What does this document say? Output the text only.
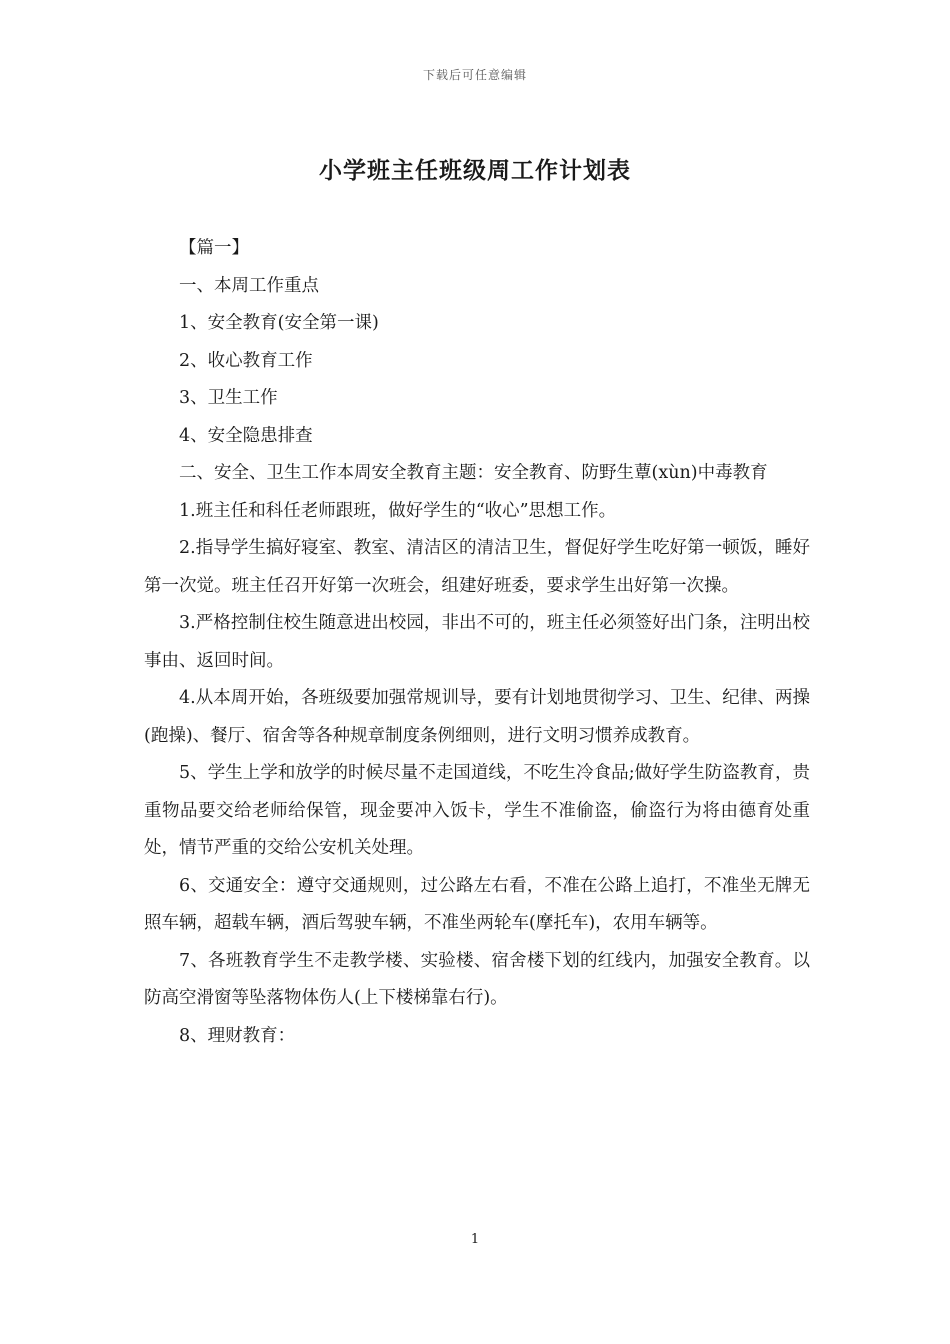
下载后可任意编辑
小学班主任班级周工作计划表

【篇一】

一、本周工作重点

1、安全教育(安全第一课)

2、收心教育工作

3、卫生工作

4、安全隐患排查

二、安全、卫生工作本周安全教育主题：安全教育、防野生蕈(xùn)中毒教育

1.班主任和科任老师跟班，做好学生的“收心”思想工作。

2.指导学生搞好寝室、教室、清洁区的清洁卫生，督促好学生吃好第一顿饭，睡好第一次觉。班主任召开好第一次班会，组建好班委，要求学生出好第一次操。

3.严格控制住校生随意进出校园，非出不可的，班主任必须签好出门条，注明出校事由、返回时间。

4.从本周开始，各班级要加强常规训导，要有计划地贯彻学习、卫生、纪律、两操(跑操)、餐厅、宿舍等各种规章制度条例细则，进行文明习惯养成教育。

5、学生上学和放学的时候尽量不走国道线，不吃生冷食品;做好学生防盗教育，贵重物品要交给老师给保管，现金要冲入饭卡，学生不准偷盗，偷盗行为将由德育处重处，情节严重的交给公安机关处理。

6、交通安全：遵守交通规则，过公路左右看，不准在公路上追打，不准坐无牌无照车辆，超载车辆，酒后驾驶车辆，不准坐两轮车(摩托车)，农用车辆等。

7、各班教育学生不走教学楼、实验楼、宿舍楼下划的红线内，加强安全教育。以防高空滑窗等坠落物体伤人(上下楼梯靠右行)。

8、理财教育：

1
